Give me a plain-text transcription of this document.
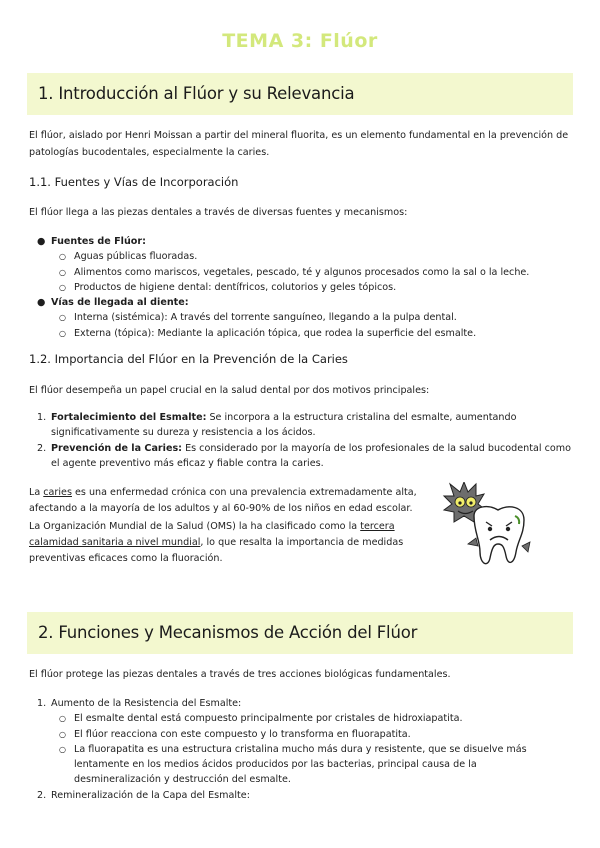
TEMA 3: Flúor
1. Introducción al Flúor y su Relevancia

El flúor, aislado por Henri Moissan a partir del mineral fluorita, es un elemento fundamental en la prevención de patologías bucodentales, especialmente la caries.

1.1. Fuentes y Vías de Incorporación

El flúor llega a las piezas dentales a través de diversas fuentes y mecanismos:

● Fuentes de Flúor:
○ Aguas públicas fluoradas.
○ Alimentos como mariscos, vegetales, pescado, té y algunos procesados como la sal o la leche.
○ Productos de higiene dental: dentífricos, colutorios y geles tópicos.
● Vías de llegada al diente:
○ Interna (sistémica): A través del torrente sanguíneo, llegando a la pulpa dental.
○ Externa (tópica): Mediante la aplicación tópica, que rodea la superficie del esmalte.
1.2. Importancia del Flúor en la Prevención de la Caries

El flúor desempeña un papel crucial en la salud dental por dos motivos principales:

1. Fortalecimiento del Esmalte: Se incorpora a la estructura cristalina del esmalte, aumentando significativamente su dureza y resistencia a los ácidos.
2. Prevención de la Caries: Es considerado por la mayoría de los profesionales de la salud bucodental como el agente preventivo más eficaz y fiable contra la caries.

La caries es una enfermedad crónica con una prevalencia extremadamente alta, afectando a la mayoría de los adultos y al 60-90% de los niños en edad escolar.

La Organización Mundial de la Salud (OMS) la ha clasificado como la tercera calamidad sanitaria a nivel mundial, lo que resalta la importancia de medidas preventivas eficaces como la fluoración.

2. Funciones y Mecanismos de Acción del Flúor

El flúor protege las piezas dentales a través de tres acciones biológicas fundamentales.

1. Aumento de la Resistencia del Esmalte:
○ El esmalte dental está compuesto principalmente por cristales de hidroxiapatita.
○ El flúor reacciona con este compuesto y lo transforma en fluorapatita.
○ La fluorapatita es una estructura cristalina mucho más dura y resistente, que se disuelve más lentamente en los medios ácidos producidos por las bacterias, principal causa de la desmineralización y destrucción del esmalte.
2. Remineralización de la Capa del Esmalte:
